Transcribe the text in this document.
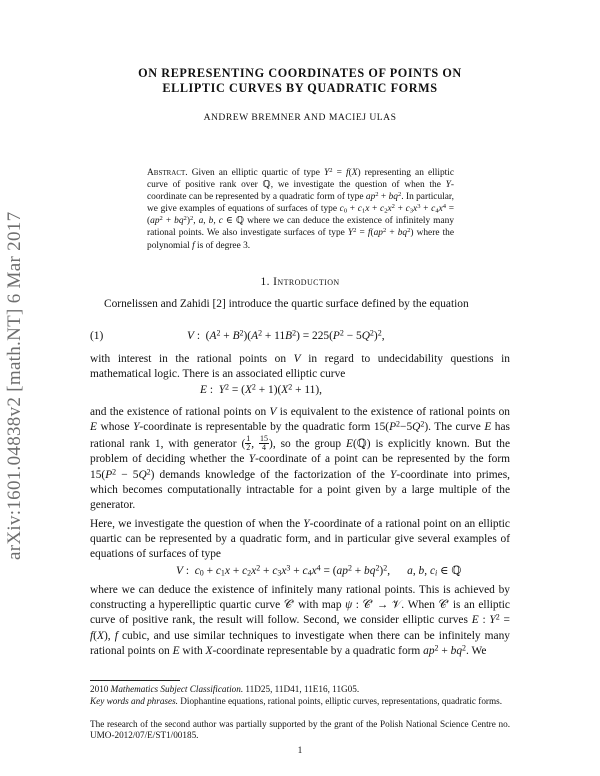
arXiv:1601.04838v2 [math.NT] 6 Mar 2017
ON REPRESENTING COORDINATES OF POINTS ON
ELLIPTIC CURVES BY QUADRATIC FORMS
ANDREW BREMNER AND MACIEJ ULAS
Abstract. Given an elliptic quartic of type $Y^2 = f(X)$ representing an elliptic curve of positive rank over ℚ, we investigate the question of when the Y-coordinate can be represented by a quadratic form of type $ap^2 + bq^2$. In particular, we give examples of equations of surfaces of type $c_0 + c_1x + c_2x^2 + c_3x^3 + c_4x^4 = (ap^2 + bq^2)^2$, a, b, c ∈ ℚ where we can deduce the existence of infinitely many rational points. We also investigate surfaces of type $Y^2 = f(ap^2 + bq^2)$ where the polynomial f is of degree 3.
1. Introduction
Cornelissen and Zahidi [2] introduce the quartic surface defined by the equation
(1)	V :  $(A^2 + B^2)(A^2 + 11B^2) = 225(P^2 - 5Q^2)^2$,
with interest in the rational points on V in regard to undecidability questions in mathematical logic. There is an associated elliptic curve
E :  $Y^2 = (X^2 + 1)(X^2 + 11)$,
and the existence of rational points on V is equivalent to the existence of rational points on E whose Y-coordinate is representable by the quadratic form $15(P^2-5Q^2)$. The curve E has rational rank 1, with generator ( $\frac{1}{2}$ , $\frac{15}{4}$ ), so the group E(ℚ) is explicitly known. But the problem of deciding whether the Y-coordinate of a point can be represented by the form $15(P^2 - 5Q^2)$ demands knowledge of the factorization of the Y-coordinate into primes, which becomes computationally intractable for a point given by a large multiple of the generator.
Here, we investigate the question of when the Y-coordinate of a rational point on an elliptic quartic can be represented by a quadratic form, and in particular give several examples of equations of surfaces of type
V :  $c_0 + c_1x + c_2x^2 + c_3x^3 + c_4x^4 = (ap^2 + bq^2)^2$,      a, b, $c_i$ ∈ ℚ
where we can deduce the existence of infinitely many rational points. This is achieved by constructing a hyperelliptic quartic curve 𝒞′ with map ψ : 𝒞′ → 𝒱. When 𝒞′ is an elliptic curve of positive rank, the result will follow. Second, we consider elliptic curves E : $Y^2 = f(X)$, f cubic, and use similar techniques to investigate when there can be infinitely many rational points on E with X-coordinate representable by a quadratic form $ap^2 + bq^2$. We
2010 Mathematics Subject Classification. 11D25, 11D41, 11E16, 11G05.
Key words and phrases. Diophantine equations, rational points, elliptic curves, representations, quadratic forms.
The research of the second author was partially supported by the grant of the Polish National Science Centre no. UMO-2012/07/E/ST1/00185.
1
